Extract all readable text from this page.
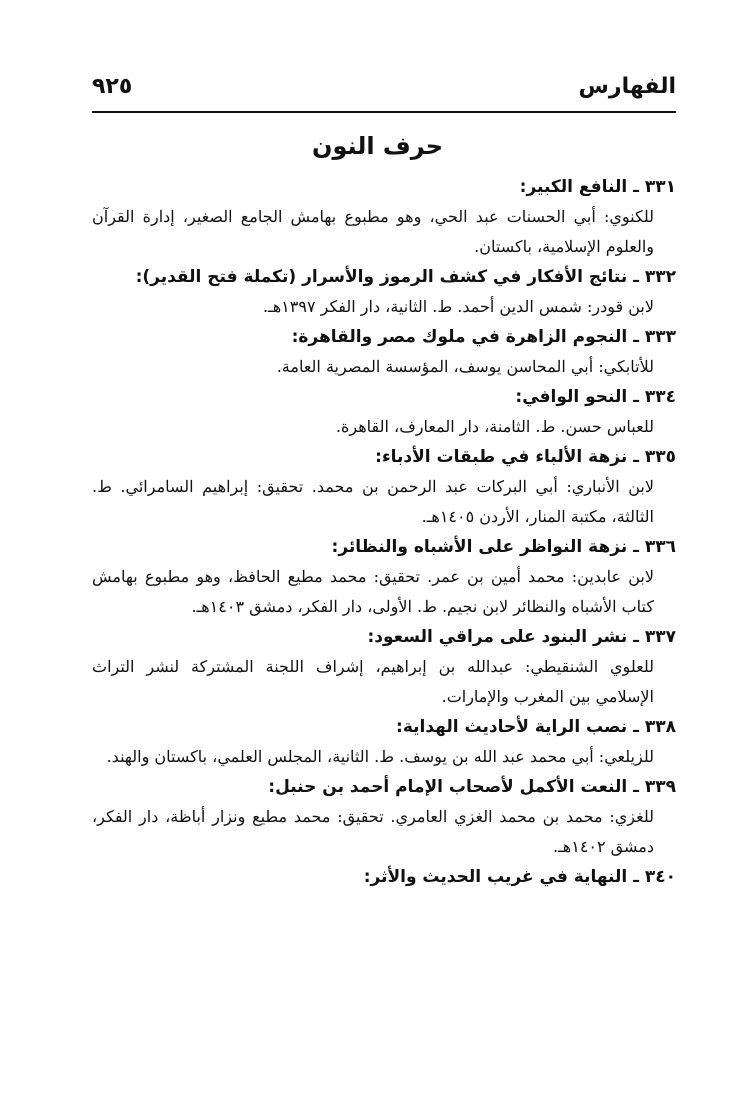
الفهارس
٩٢٥
حرف النون
٣٣١ ـ النافع الكبير:
للكنوي: أبي الحسنات عبد الحي، وهو مطبوع بهامش الجامع الصغير، إدارة القرآن والعلوم الإسلامية، باكستان.
٣٣٢ ـ نتائج الأفكار في كشف الرموز والأسرار (تكملة فتح القدير):
لابن قودر: شمس الدين أحمد. ط. الثانية، دار الفكر ١٣٩٧هـ.
٣٣٣ ـ النجوم الزاهرة في ملوك مصر والقاهرة:
للأتابكي: أبي المحاسن يوسف، المؤسسة المصرية العامة.
٣٣٤ ـ النحو الوافي:
للعباس حسن. ط. الثامنة، دار المعارف، القاهرة.
٣٣٥ ـ نزهة الألباء في طبقات الأدباء:
لابن الأنباري: أبي البركات عبد الرحمن بن محمد. تحقيق: إبراهيم السامرائي. ط. الثالثة، مكتبة المنار، الأردن ١٤٠٥هـ.
٣٣٦ ـ نزهة النواظر على الأشباه والنظائر:
لابن عابدين: محمد أمين بن عمر. تحقيق: محمد مطيع الحافظ، وهو مطبوع بهامش كتاب الأشباه والنظائر لابن نجيم. ط. الأولى، دار الفكر، دمشق ١٤٠٣هـ.
٣٣٧ ـ نشر البنود على مراقي السعود:
للعلوي الشنقيطي: عبدالله بن إبراهيم، إشراف اللجنة المشتركة لنشر التراث الإسلامي بين المغرب والإمارات.
٣٣٨ ـ نصب الراية لأحاديث الهداية:
للزيلعي: أبي محمد عبد الله بن يوسف. ط. الثانية، المجلس العلمي، باكستان والهند.
٣٣٩ ـ النعت الأكمل لأصحاب الإمام أحمد بن حنبل:
للغزي: محمد بن محمد الغزي العامري. تحقيق: محمد مطيع ونزار أباظة، دار الفكر، دمشق ١٤٠٢هـ.
٣٤٠ ـ النهاية في غريب الحديث والأثر:
